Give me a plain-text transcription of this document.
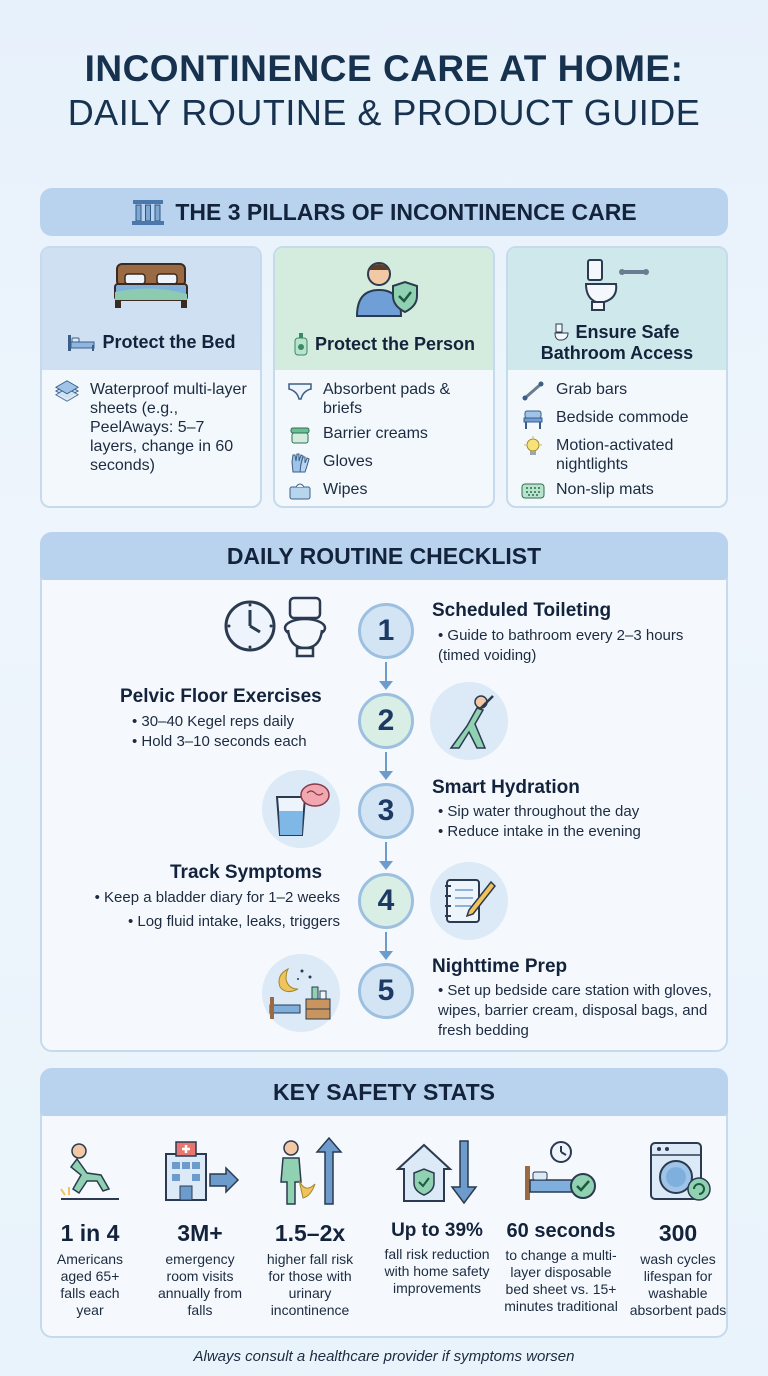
INCONTINENCE CARE AT HOME:
DAILY ROUTINE & PRODUCT GUIDE
THE 3 PILLARS OF INCONTINENCE CARE
Protect the Bed
Waterproof multi-layer sheets (e.g., PeelAways: 5–7 layers, change in 60 seconds)
Protect the Person
Absorbent pads & briefs
Barrier creams
Gloves
Wipes
Ensure Safe
Bathroom Access
Grab bars
Bedside commode
Motion-activated nightlights
Non-slip mats
DAILY ROUTINE CHECKLIST
1
2
3
4
5
Scheduled Toileting
• Guide to bathroom every 2–3 hours (timed voiding)
Pelvic Floor Exercises
• 30–40 Kegel reps daily
• Hold 3–10 seconds each
Smart Hydration
• Sip water throughout the day
• Reduce intake in the evening
Track Symptoms
• Keep a bladder diary for 1–2 weeks
• Log fluid intake, leaks, triggers
Nighttime Prep
• Set up bedside care station with gloves, wipes, barrier cream, disposal bags, and fresh bedding
KEY SAFETY STATS
1 in 4
Americans aged 65+ falls each year
3M+
emergency room visits annually from falls
1.5–2x
higher fall risk for those with urinary incontinence
Up to 39%
fall risk reduction with home safety improvements
60 seconds
to change a multi-layer disposable bed sheet vs. 15+ minutes traditional
300
wash cycles lifespan for washable absorbent pads
Always consult a healthcare provider if symptoms worsen
